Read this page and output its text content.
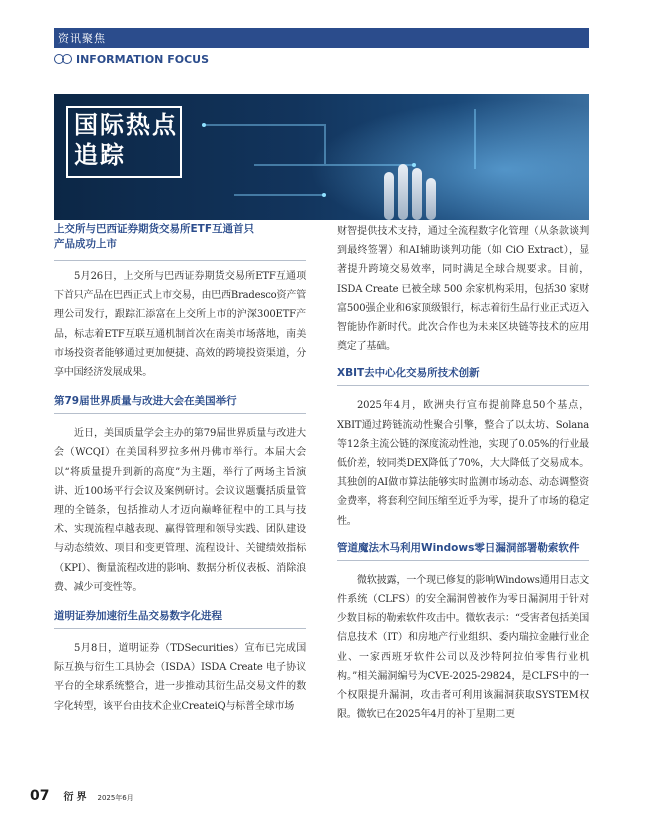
资讯聚焦
INFORMATION FOCUS
国际热点
追踪
上交所与巴西证券期货交易所ETF互通首只产品成功上市

5月26日，上交所与巴西证券期货交易所ETF互通项下首只产品在巴西正式上市交易，由巴西Bradesco资产管理公司发行，跟踪汇添富在上交所上市的沪深300ETF产品，标志着ETF互联互通机制首次在南美市场落地，南美市场投资者能够通过更加便捷、高效的跨境投资渠道，分享中国经济发展成果。

第79届世界质量与改进大会在美国举行

近日，美国质量学会主办的第79届世界质量与改进大会（WCQI）在美国科罗拉多州丹佛市举行。本届大会以“将质量提升到新的高度”为主题，举行了两场主旨演讲、近100场平行会议及案例研讨。会议议题囊括质量管理的全链条，包括推动人才迈向巅峰征程中的工具与技术、实现流程卓越表现、赢得管理和领导实践、团队建设与动态绩效、项目和变更管理、流程设计、关键绩效指标（KPI）、衡量流程改进的影响、数据分析仪表板、消除浪费、减少可变性等。

道明证券加速衍生品交易数字化进程

5月8日，道明证券（TDSecurities）宣布已完成国际互换与衍生工具协会（ISDA）ISDA Create 电子协议平台的全球系统整合，进一步推动其衍生品交易文件的数字化转型，该平台由技术企业CreateiQ与标普全球市场

财智提供技术支持，通过全流程数字化管理（从条款谈判到最终签署）和AI辅助谈判功能（如 CiO Extract），显著提升跨境交易效率，同时满足全球合规要求。目前，ISDA Create 已被全球 500 余家机构采用，包括30 家财富500强企业和6家顶级银行，标志着衍生品行业正式迈入智能协作新时代。此次合作也为未来区块链等技术的应用奠定了基础。

XBIT去中心化交易所技术创新

2025年4月，欧洲央行宣布提前降息50个基点，XBIT通过跨链流动性聚合引擎，整合了以太坊、Solana等12条主流公链的深度流动性池，实现了0.05%的行业最低价差，较同类DEX降低了70%，大大降低了交易成本。其独创的AI做市算法能够实时监测市场动态、动态调整资金费率，将套利空间压缩至近乎为零，提升了市场的稳定性。

管道魔法木马利用Windows零日漏洞部署勒索软件

微软披露，一个现已修复的影响Windows通用日志文件系统（CLFS）的安全漏洞曾被作为零日漏洞用于针对少数目标的勒索软件攻击中。微软表示：“受害者包括美国信息技术（IT）和房地产行业组织、委内瑞拉金融行业企业、一家西班牙软件公司以及沙特阿拉伯零售行业机构。”相关漏洞编号为CVE-2025-29824，是CLFS中的一个权限提升漏洞，攻击者可利用该漏洞获取SYSTEM权限。微软已在2025年4月的补丁星期二更

07 衍界 2025年6月
